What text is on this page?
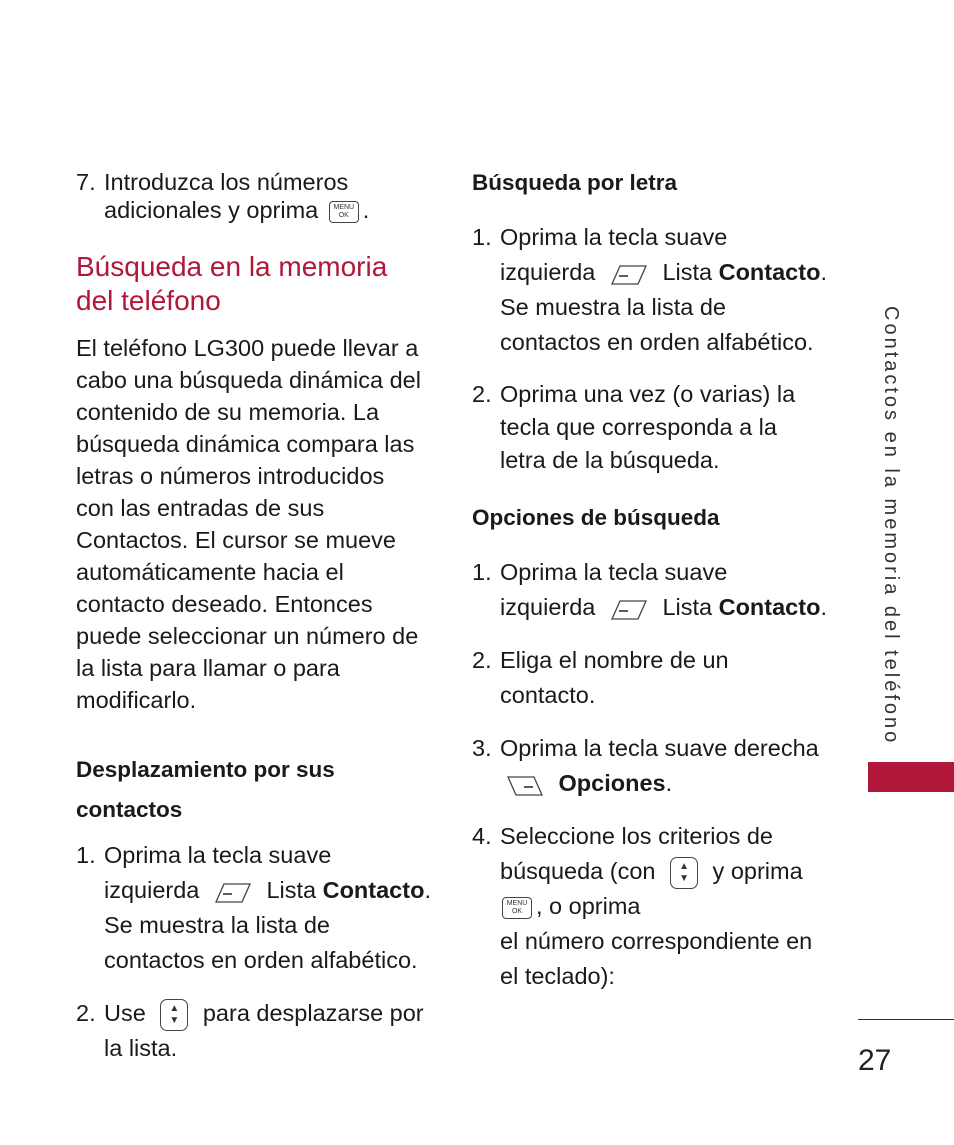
7. Introduzca los números
adicionales y oprima MENU
OK .

Búsqueda en la memoria
del teléfono

El teléfono LG300 puede llevar a
cabo una búsqueda dinámica del
contenido de su memoria. La
búsqueda dinámica compara las
letras o números introducidos
con las entradas de sus
Contactos. El cursor se mueve
automáticamente hacia el
contacto deseado. Entonces
puede seleccionar un número de
la lista para llamar o para
modificarlo.

Desplazamiento por sus
contactos

1. Oprima la tecla suave
izquierda	Lista Contacto.
Se muestra la lista de
contactos en orden alfabético.

2. Use ▲
▼ para desplazarse por
la lista.

Búsqueda por letra

1. Oprima la tecla suave
izquierda	Lista Contacto.
Se muestra la lista de
contactos en orden alfabético.

2. Oprima una vez (o varias) la
tecla que corresponda a la
letra de la búsqueda.

Opciones de búsqueda

1. Oprima la tecla suave
izquierda	Lista Contacto.

2. Eliga el nombre de un
contacto.

3. Oprima la tecla suave derecha

Opciones.

4. Seleccione los criterios de
búsqueda (con ▲
▼ y oprima
MENU
OK , o oprima
el número correspondiente en
el teclado):

Contactos en la memoria del teléfono
27
